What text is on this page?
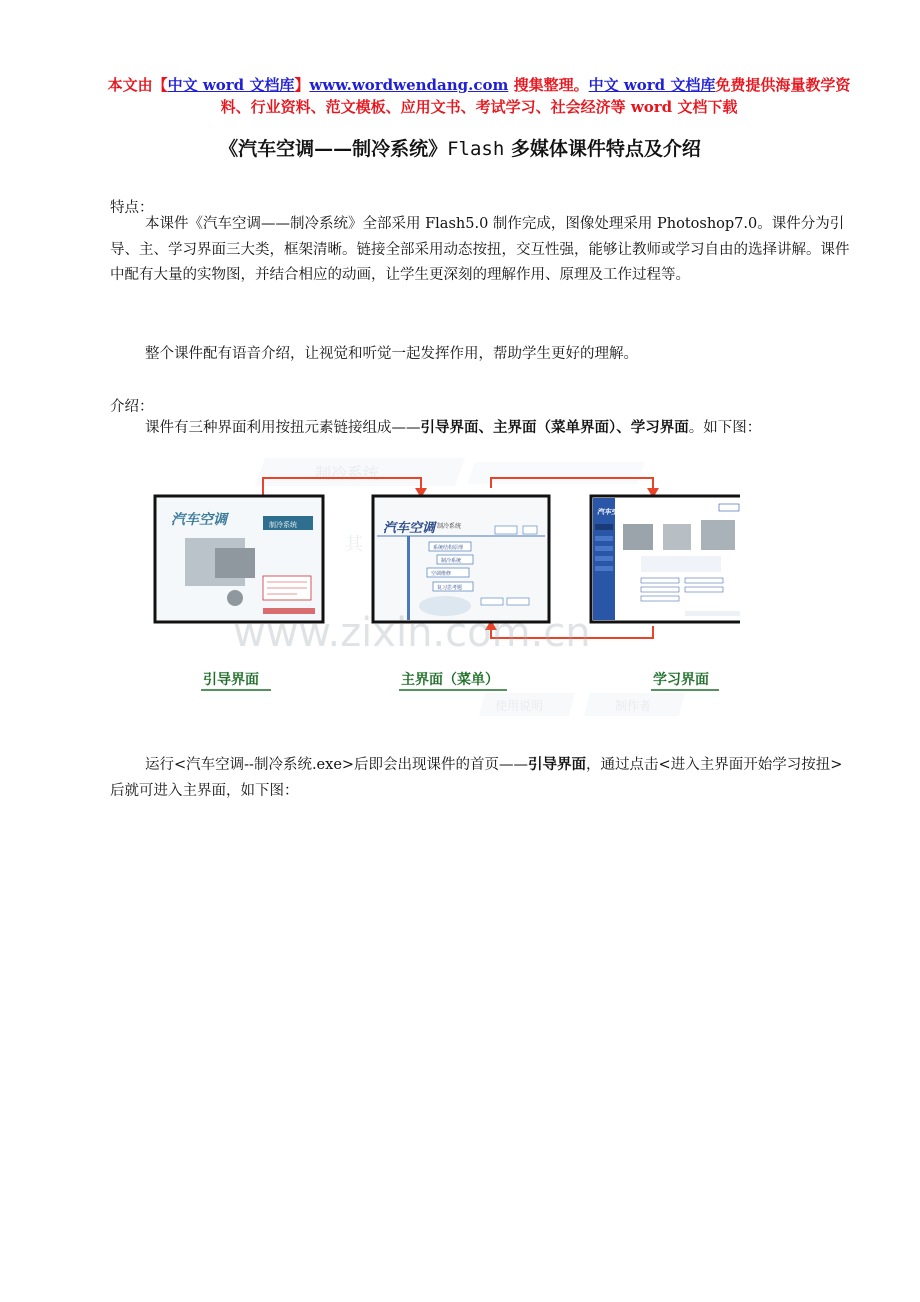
本文由【中文 word 文档库】www.wordwendang.com 搜集整理。中文 word 文档库免费提供海量教学资
料、行业资料、范文模板、应用文书、考试学习、社会经济等 word 文档下载
《汽车空调——制冷系统》Flash 多媒体课件特点及介绍
特点：
本课件《汽车空调——制冷系统》全部采用 Flash5.0 制作完成，图像处理采用 Photoshop7.0。课件分为引导、主、学习界面三大类，框架清晰。链接全部采用动态按扭，交互性强，能够让教师或学习自由的选择讲解。课件中配有大量的实物图，并结合相应的动画，让学生更深刻的理解作用、原理及工作过程等。
整个课件配有语音介绍，让视觉和听觉一起发挥作用，帮助学生更好的理解。
介绍：
课件有三种界面利用按扭元素链接组成——引导界面、主界面（菜单界面）、学习界面。如下图：
制冷系统
其
使用说明	制作者
汽车空调	制冷系统	汽车空调 制冷系统
系统结构原理
制冷系统
空调维修
复习思考题
汽车空调
www.zixin.com.cn
引导界面	主界面（菜单）	学习界面
运行<汽车空调--制冷系统.exe>后即会出现课件的首页——引导界面，通过点击<进入主界面开始学习按扭>后就可进入主界面，如下图：
